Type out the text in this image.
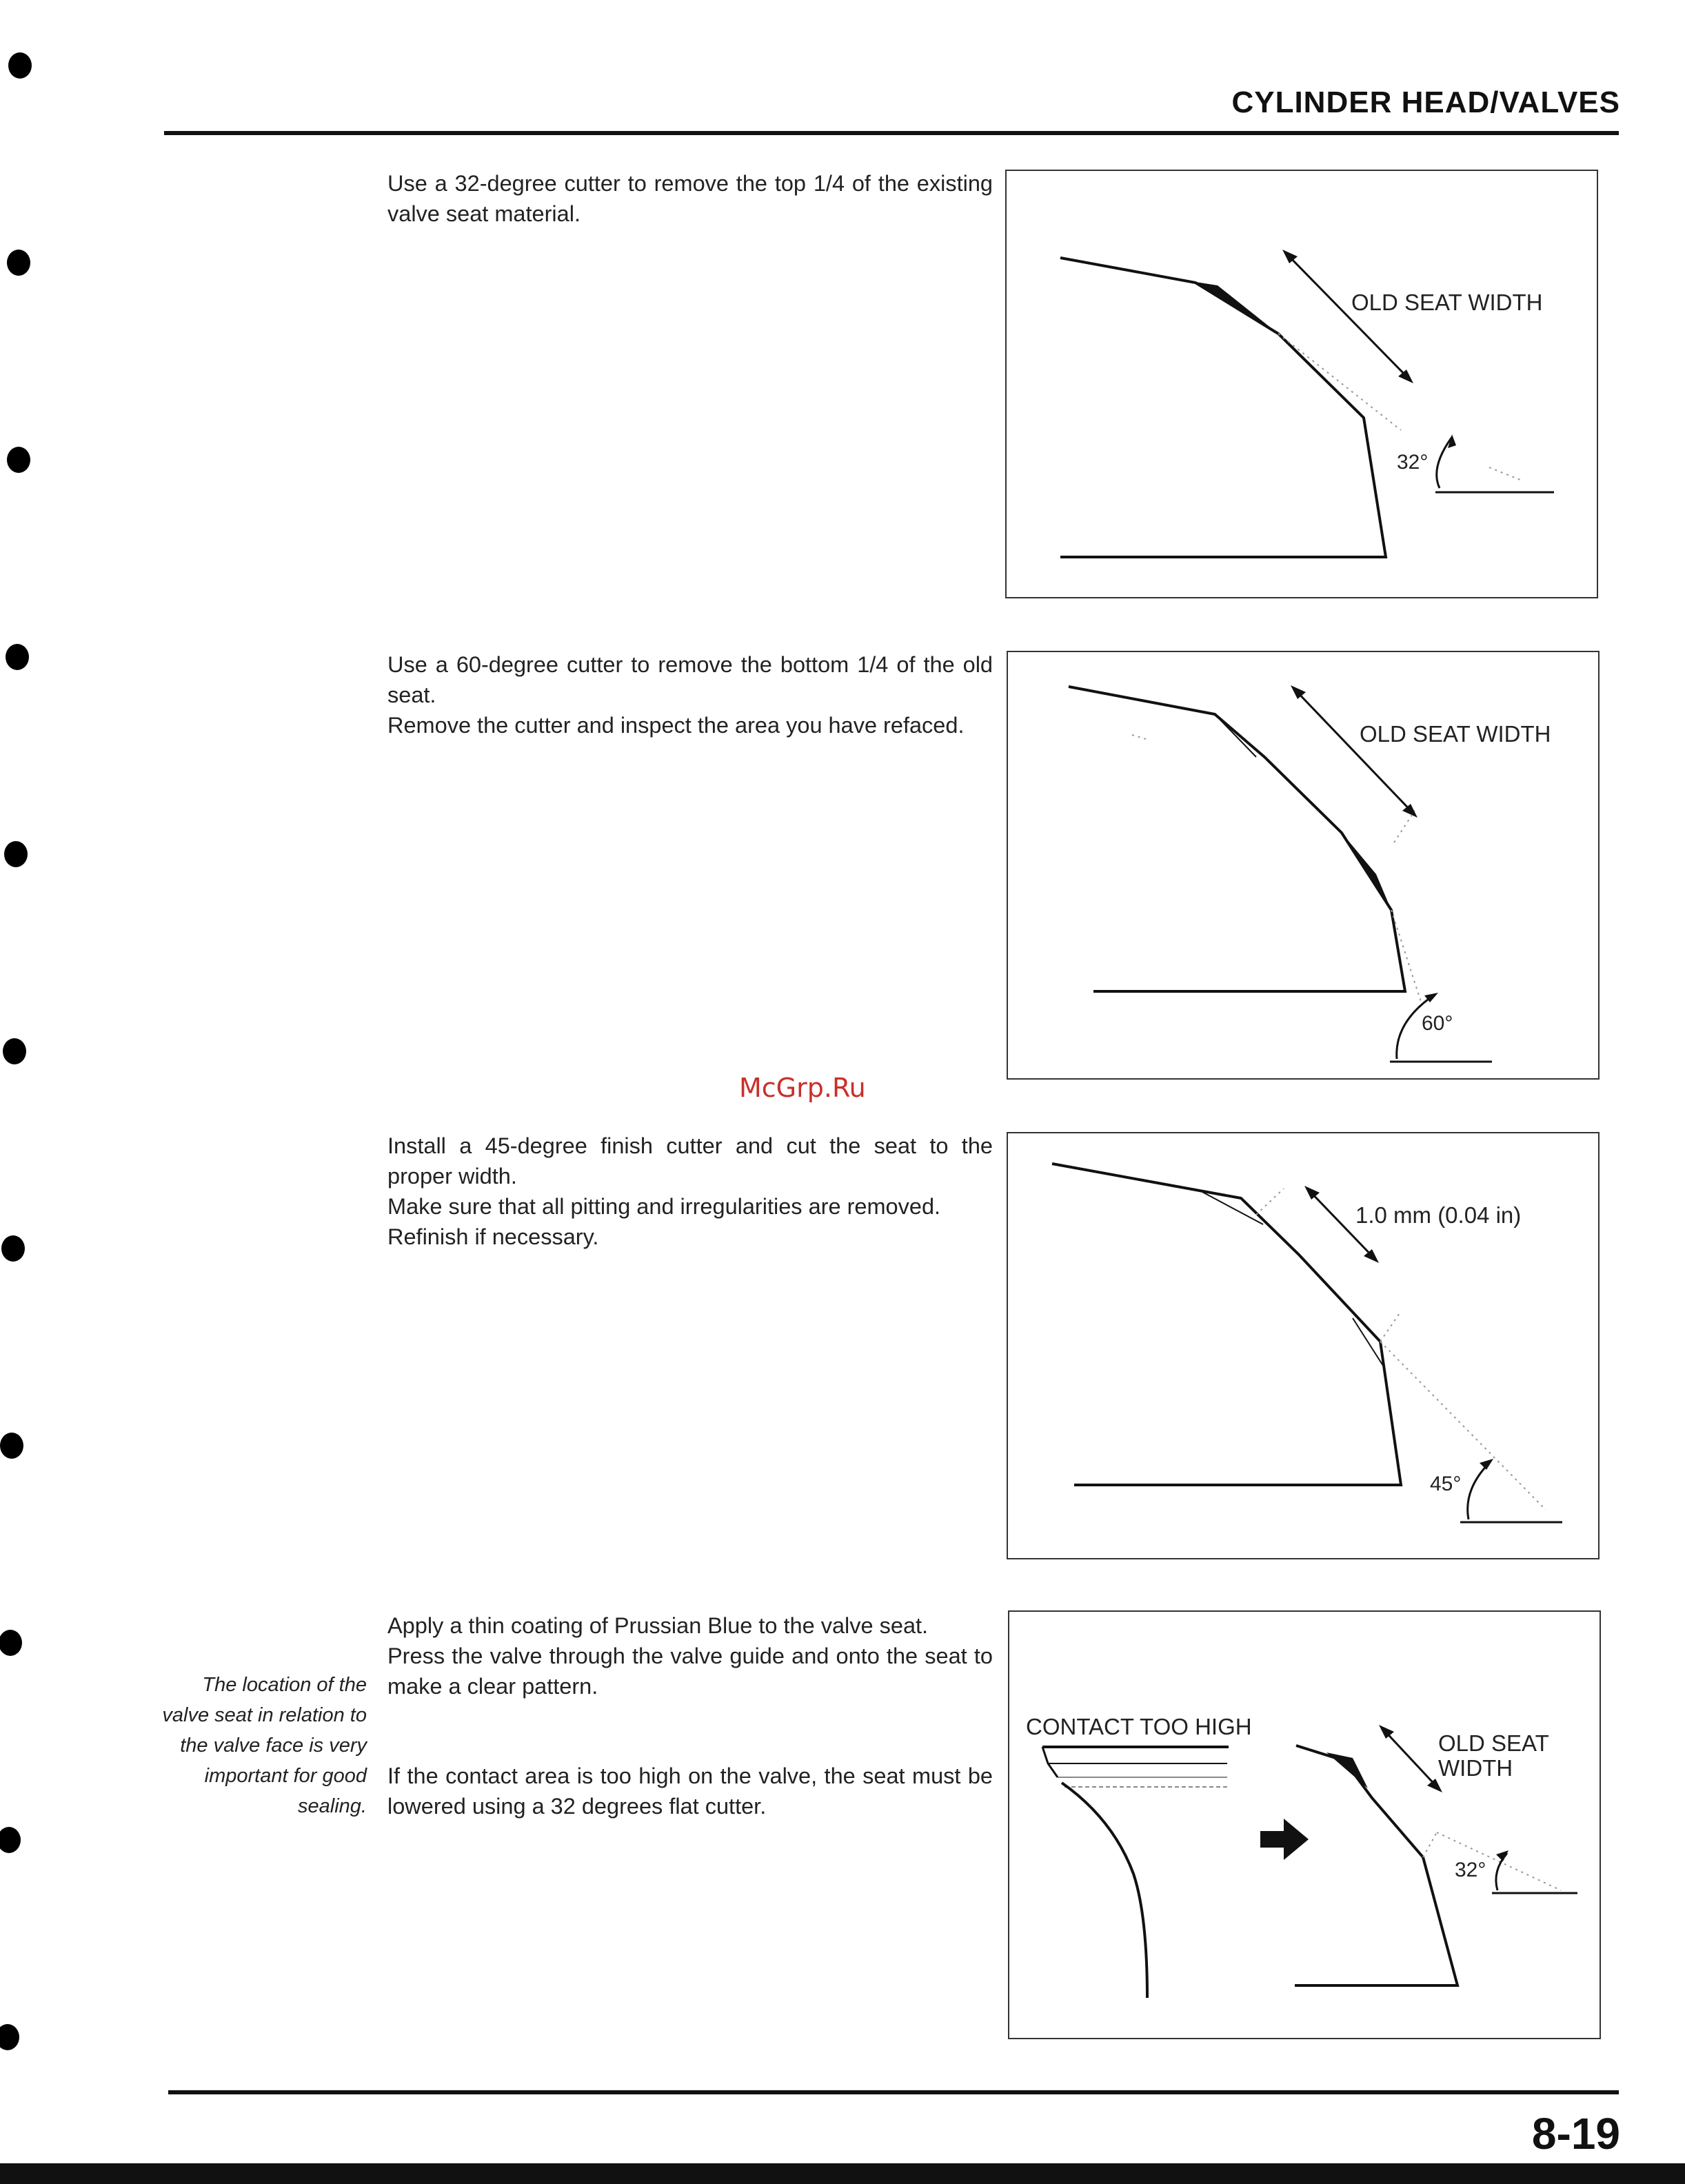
CYLINDER HEAD/VALVES

Use a 32-degree cutter to remove the top 1/4 of the existing valve seat material.

OLD SEAT WIDTH
32°

Use a 60-degree cutter to remove the bottom 1/4 of the old seat.

Remove the cutter and inspect the area you have refaced.	OLD SEAT WIDTH
60°
McGrp.Ru

Install a 45-degree finish cutter and cut the seat to the proper width.

Make sure that all pitting and irregularities are removed.

Refinish if necessary.

1.0 mm (0.04 in)
45°
The location of the valve seat in relation to the valve face is very important for good sealing.

Apply a thin coating of Prussian Blue to the valve seat.

Press the valve through the valve guide and onto the seat to make a clear pattern.

If the contact area is too high on the valve, the seat must be lowered using a 32 degrees flat cutter.

CONTACT TOO HIGH
OLD SEAT
WIDTH
32°
8-19
